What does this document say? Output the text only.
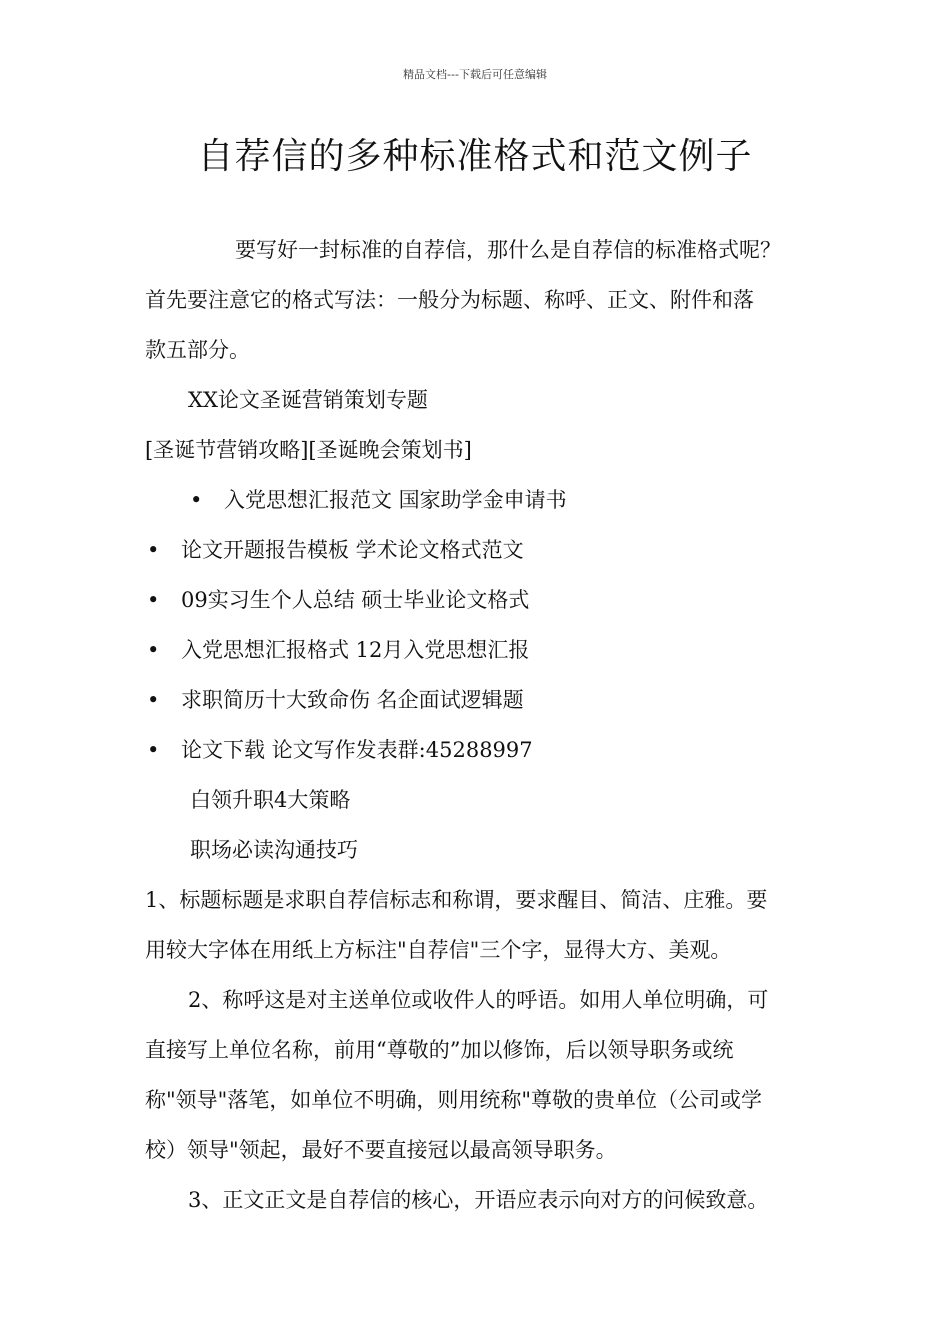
精品文档---下载后可任意编辑
自荐信的多种标准格式和范文例子
要写好一封标准的自荐信，那什么是自荐信的标准格式呢？
首先要注意它的格式写法：一般分为标题、称呼、正文、附件和落
款五部分。
XX论文圣诞营销策划专题
[圣诞节营销攻略][圣诞晚会策划书]
• 入党思想汇报范文 国家助学金申请书
• 论文开题报告模板 学术论文格式范文
• 09实习生个人总结 硕士毕业论文格式
• 入党思想汇报格式 12月入党思想汇报
• 求职简历十大致命伤 名企面试逻辑题
• 论文下载 论文写作发表群:45288997
白领升职4大策略
职场必读沟通技巧
1、标题标题是求职自荐信标志和称谓，要求醒目、简洁、庄雅。要
用较大字体在用纸上方标注"自荐信"三个字，显得大方、美观。
2、称呼这是对主送单位或收件人的呼语。如用人单位明确，可
直接写上单位名称，前用“尊敬的”加以修饰，后以领导职务或统
称"领导"落笔，如单位不明确，则用统称"尊敬的贵单位（公司或学
校）领导"领起，最好不要直接冠以最高领导职务。
3、正文正文是自荐信的核心，开语应表示向对方的问候致意。
